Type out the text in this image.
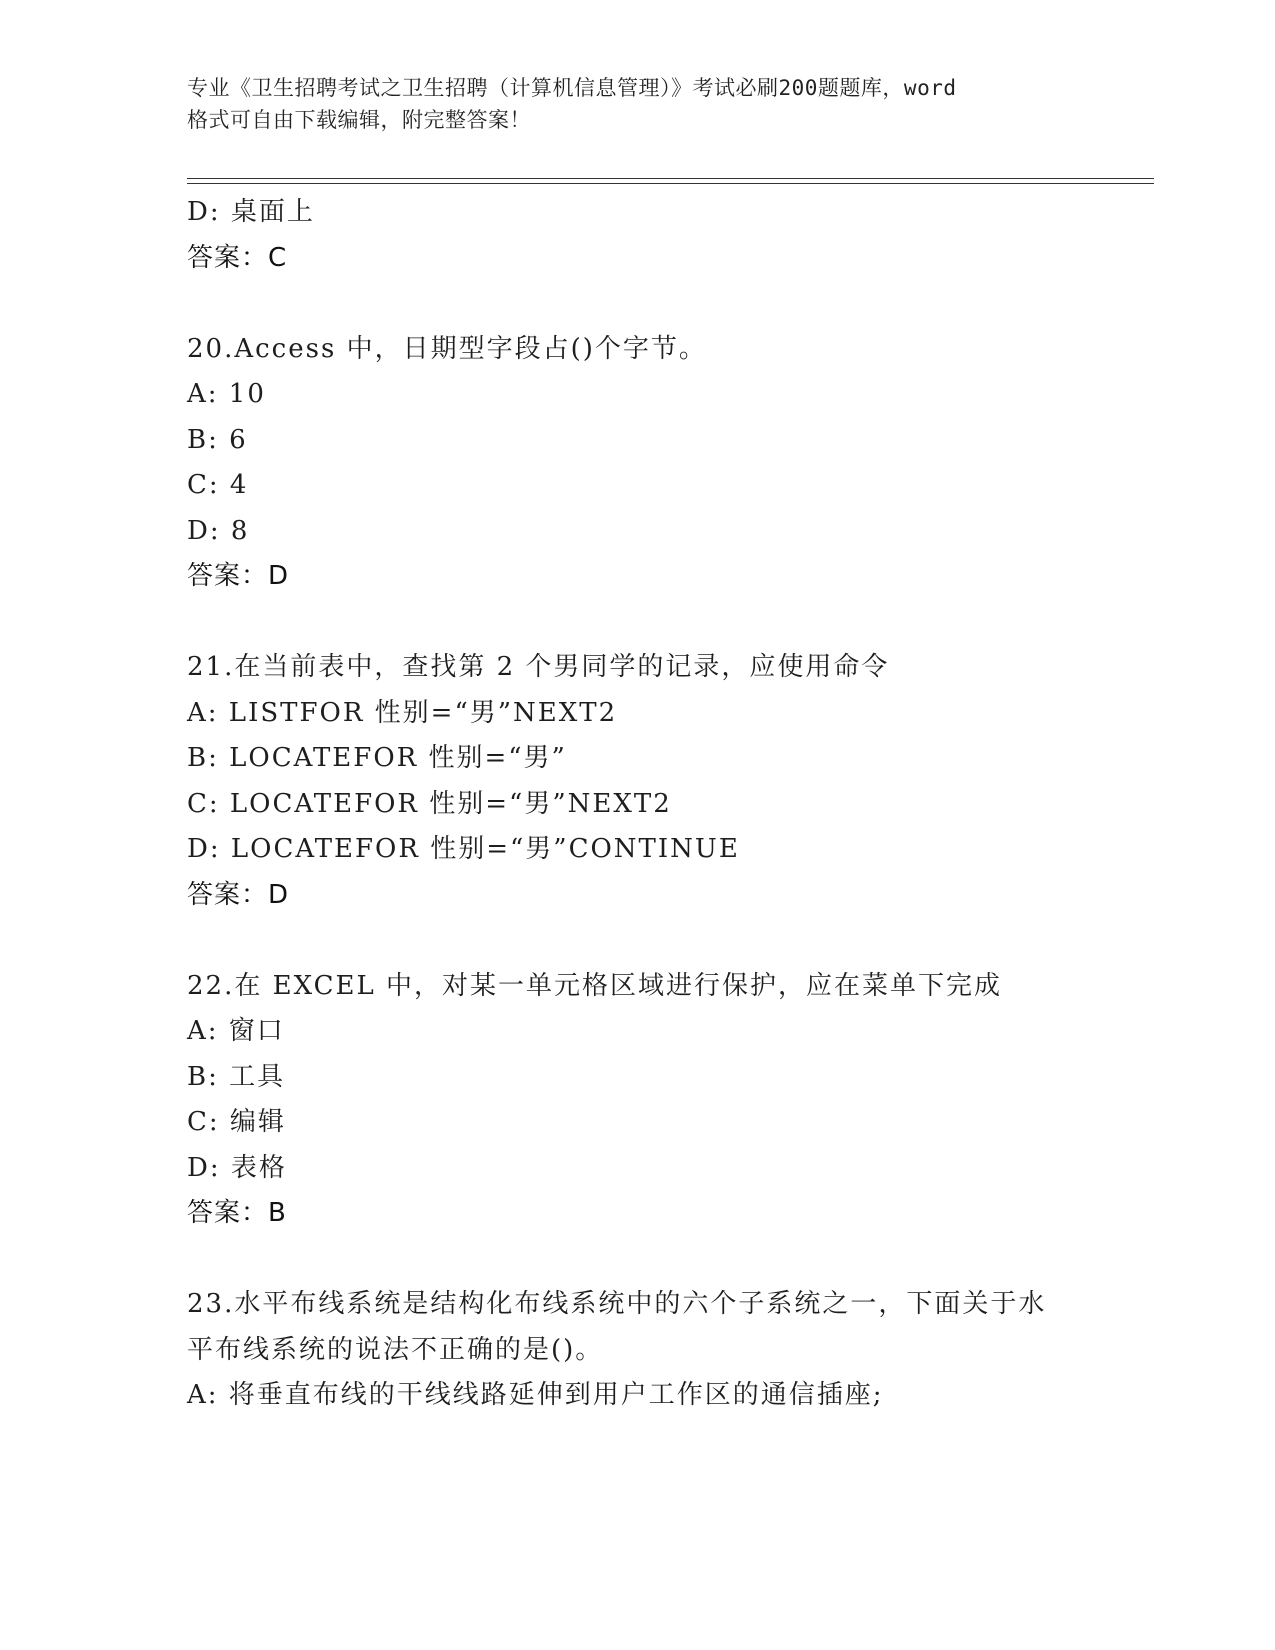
专业《卫生招聘考试之卫生招聘（计算机信息管理）》考试必刷200题题库，word
格式可自由下载编辑，附完整答案！
D: 桌面上
答案：C
20.Access 中，日期型字段占()个字节。
A: 10
B: 6
C: 4
D: 8
答案：D
21.在当前表中，查找第 2 个男同学的记录，应使用命令
A: LISTFOR 性别=“男”NEXT2
B: LOCATEFOR 性别=“男”
C: LOCATEFOR 性别=“男”NEXT2
D: LOCATEFOR 性别=“男”CONTINUE
答案：D
22.在 EXCEL 中，对某一单元格区域进行保护，应在菜单下完成
A: 窗口
B: 工具
C: 编辑
D: 表格
答案：B
23.水平布线系统是结构化布线系统中的六个子系统之一，下面关于水
平布线系统的说法不正确的是()。
A: 将垂直布线的干线线路延伸到用户工作区的通信插座;
